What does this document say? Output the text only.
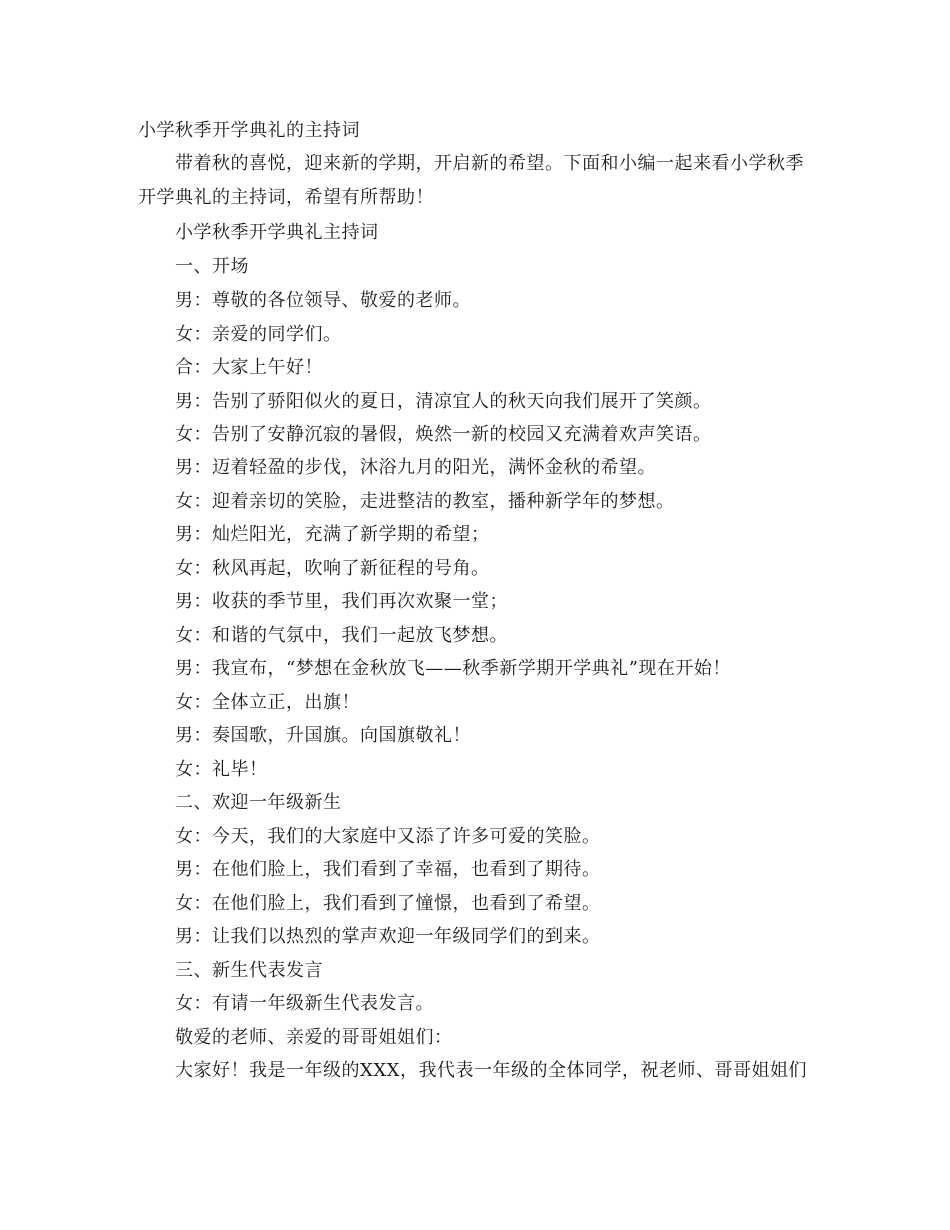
小学秋季开学典礼的主持词
带着秋的喜悦，迎来新的学期，开启新的希望。下面和小编一起来看小学秋季
开学典礼的主持词，希望有所帮助！
小学秋季开学典礼主持词
一、开场
男：尊敬的各位领导、敬爱的老师。
女：亲爱的同学们。
合：大家上午好！
男：告别了骄阳似火的夏日，清凉宜人的秋天向我们展开了笑颜。
女：告别了安静沉寂的暑假，焕然一新的校园又充满着欢声笑语。
男：迈着轻盈的步伐，沐浴九月的阳光，满怀金秋的希望。
女：迎着亲切的笑脸，走进整洁的教室，播种新学年的梦想。
男：灿烂阳光，充满了新学期的希望；
女：秋风再起，吹响了新征程的号角。
男：收获的季节里，我们再次欢聚一堂；
女：和谐的气氛中，我们一起放飞梦想。
男：我宣布，“梦想在金秋放飞——秋季新学期开学典礼”现在开始！
女：全体立正，出旗！
男：奏国歌，升国旗。向国旗敬礼！
女：礼毕！
二、欢迎一年级新生
女：今天，我们的大家庭中又添了许多可爱的笑脸。
男：在他们脸上，我们看到了幸福，也看到了期待。
女：在他们脸上，我们看到了憧憬，也看到了希望。
男：让我们以热烈的掌声欢迎一年级同学们的到来。
三、新生代表发言
女：有请一年级新生代表发言。
敬爱的老师、亲爱的哥哥姐姐们：
大家好！我是一年级的XXX，我代表一年级的全体同学，祝老师、哥哥姐姐们
